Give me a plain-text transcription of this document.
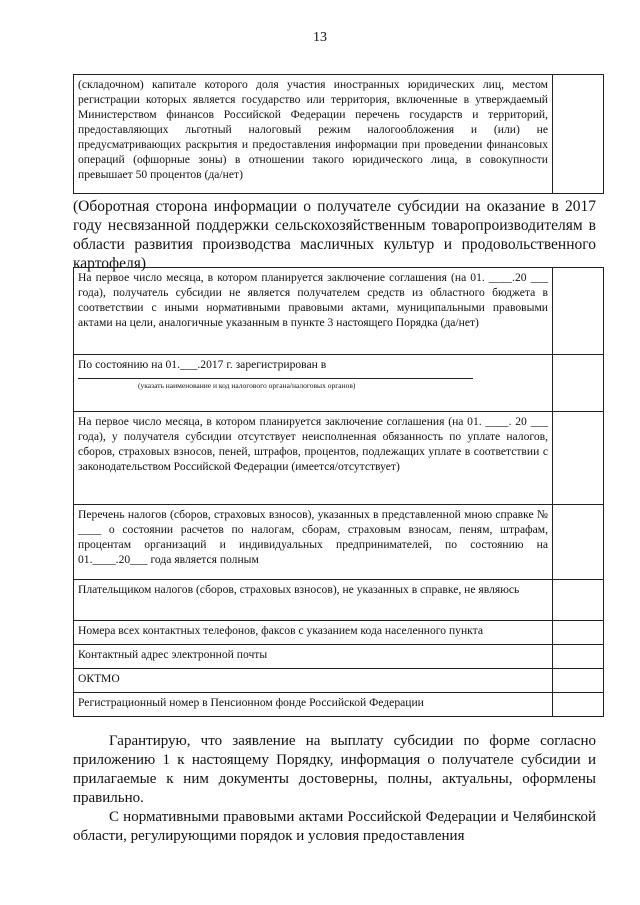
13
(складочном) капитале которого доля участия иностранных юридических лиц, местом регистрации которых является государство или территория, включенные в утверждаемый Министерством финансов Российской Федерации перечень государств и территорий, предоставляющих льготный налоговый режим налогообложения и (или) не предусматривающих раскрытия и предоставления информации при проведении финансовых операций (офшорные зоны) в отношении такого юридического лица, в совокупности превышает 50 процентов (да/нет)	
(Оборотная сторона информации о получателе субсидии на оказание в 2017 году несвязанной поддержки сельскохозяйственным товаропроизводителям в области развития производства масличных культур и продовольственного картофеля)
На первое число месяца, в котором планируется заключение соглашения (на 01. ____.20 ___ года), получатель субсидии не является получателем средств из областного бюджета в соответствии с иными нормативными правовыми актами, муниципальными правовыми актами на цели, аналогичные указанным в пункте 3 настоящего Порядка (да/нет)	
По состоянию на 01.___.2017 г. зарегистрирован в
(указать наименование и код налогового органа/налоговых органов)	

На первое число месяца, в котором планируется заключение соглашения (на 01. ____. 20 ___ года), у получателя субсидии отсутствует неисполненная обязанность по уплате налогов, сборов, страховых взносов, пеней, штрафов, процентов, подлежащих уплате в соответствии с законодательством Российской Федерации (имеется/отсутствует)	
Перечень налогов (сборов, страховых взносов), указанных в представленной мною справке № ____ о состоянии расчетов по налогам, сборам, страховым взносам, пеням, штрафам, процентам организаций и индивидуальных предпринимателей, по состоянию на 01.____.20___ года является полным	
Плательщиком налогов (сборов, страховых взносов), не указанных в справке, не являюсь	
Номера всех контактных телефонов, факсов с указанием кода населенного пункта	
Контактный адрес электронной почты	
ОКТМО	
Регистрационный номер в Пенсионном фонде Российской Федерации	

Гарантирую, что заявление на выплату субсидии по форме согласно приложению 1 к настоящему Порядку, информация о получателе субсидии и прилагаемые к ним документы достоверны, полны, актуальны, оформлены правильно.

С нормативными правовыми актами Российской Федерации и Челябинской области, регулирующими порядок и условия предоставления
